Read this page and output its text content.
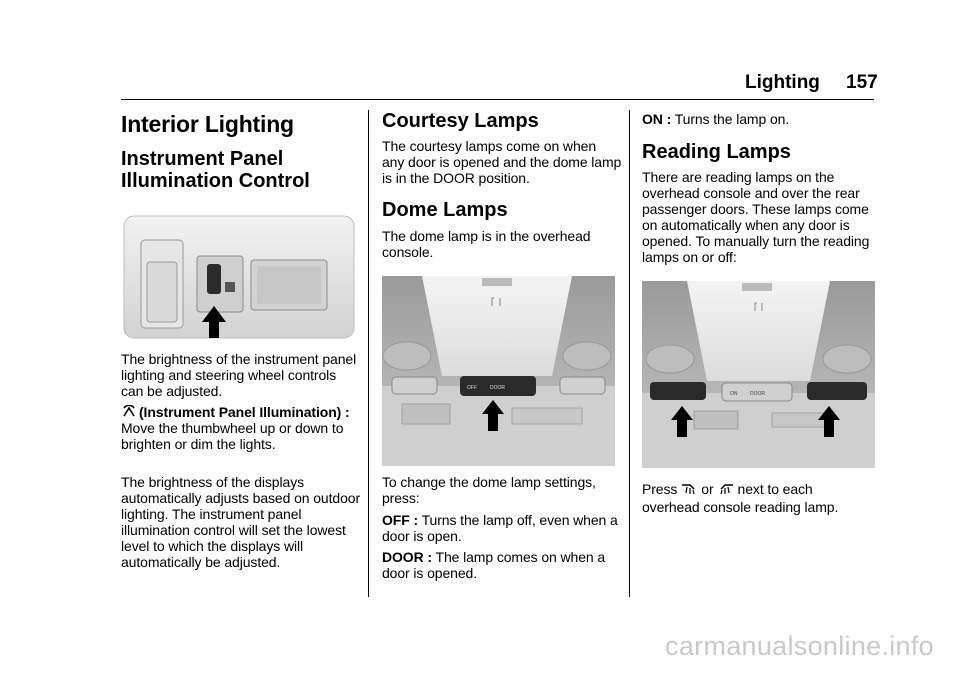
Lighting 157
Interior Lighting
Instrument Panel Illumination Control
The brightness of the instrument panel lighting and steering wheel controls can be adjusted.
(Instrument Panel Illumination) : Move the thumbwheel up or down to brighten or dim the lights.
The brightness of the displays automatically adjusts based on outdoor lighting. The instrument panel illumination control will set the lowest level to which the displays will automatically be adjusted.
Courtesy Lamps
The courtesy lamps come on when any door is opened and the dome lamp is in the DOOR position.
Dome Lamps
The dome lamp is in the overhead console.
OFF	DOOR
To change the dome lamp settings, press:
OFF : Turns the lamp off, even when a door is open.
DOOR : The lamp comes on when a door is opened.
ON : Turns the lamp on.
Reading Lamps
There are reading lamps on the overhead console and over the rear passenger doors. These lamps come on automatically when any door is opened. To manually turn the reading lamps on or off:
ON	DOOR
Press or next to each
overhead console reading lamp.
carmanualsonline.info
